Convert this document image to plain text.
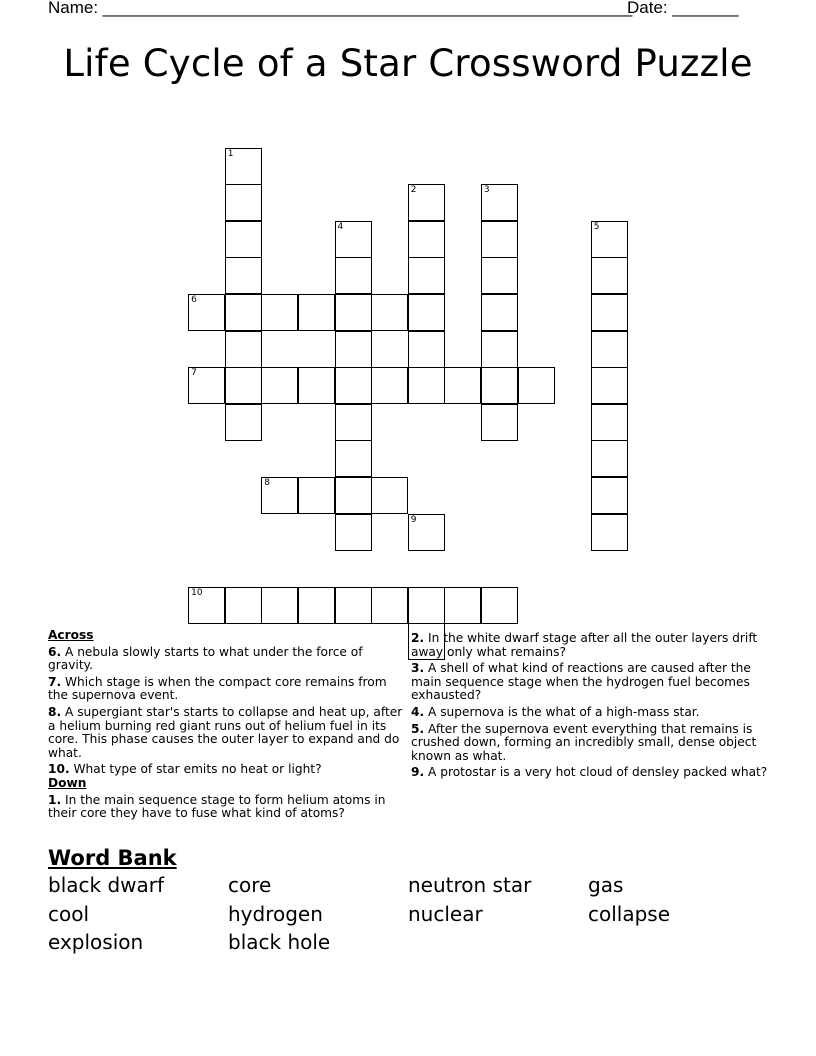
Name: ________________________________________________________
Date: _______
Life Cycle of a Star Crossword Puzzle
1
2	3
5
4
6
7
8
9
10
Across
6. A nebula slowly starts to what under the force of gravity.
7. Which stage is when the compact core remains from the supernova event.
8. A supergiant star's starts to collapse and heat up, after a helium burning red giant runs out of helium fuel in its core. This phase causes the outer layer to expand and do what.
10. What type of star emits no heat or light?
Down
1. In the main sequence stage to form helium atoms in their core they have to fuse what kind of atoms?
2. In the white dwarf stage after all the outer layers drift away only what remains?
3. A shell of what kind of reactions are caused after the main sequence stage when the hydrogen fuel becomes exhausted?
4. A supernova is the what of a high-mass star.
5. After the supernova event everything that remains is crushed down, forming an incredibly small, dense object known as what.
9. A protostar is a very hot cloud of densley packed what?
Word Bank
black dwarf	core	neutron star	gas
cool	hydrogen	nuclear	collapse
explosion	black hole
